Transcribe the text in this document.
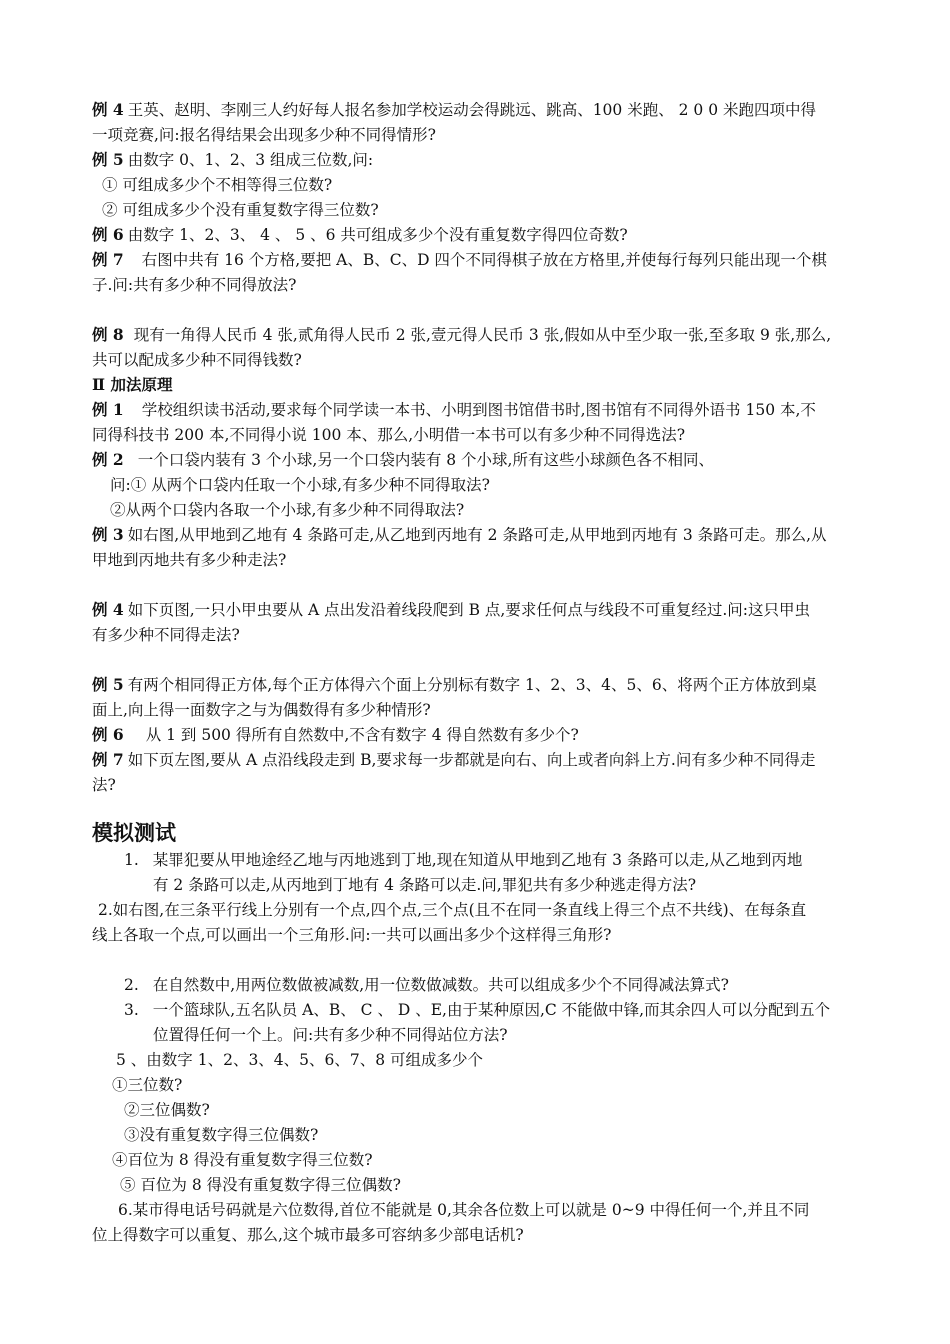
例 4 王英、赵明、李刚三人约好每人报名参加学校运动会得跳远、跳高、100 米跑、 2 0 0 米跑四项中得
一项竞赛,问:报名得结果会出现多少种不同得情形?
例 5 由数字 0、1、2、3 组成三位数,问:
① 可组成多少个不相等得三位数?
② 可组成多少个没有重复数字得三位数?
例 6 由数字 1、2、3、 4 、 5 、6 共可组成多少个没有重复数字得四位奇数?
例 7 右图中共有 16 个方格,要把 A、B、C、D 四个不同得棋子放在方格里,并使每行每列只能出现一个棋
子.问:共有多少种不同得放法?
例 8 现有一角得人民币 4 张,贰角得人民币 2 张,壹元得人民币 3 张,假如从中至少取一张,至多取 9 张,那么,
共可以配成多少种不同得钱数?
Ⅱ 加法原理
例 1 学校组织读书活动,要求每个同学读一本书、小明到图书馆借书时,图书馆有不同得外语书 150 本,不
同得科技书 200 本,不同得小说 100 本、那么,小明借一本书可以有多少种不同得选法?
例 2 一个口袋内装有 3 个小球,另一个口袋内装有 8 个小球,所有这些小球颜色各不相同、
问:① 从两个口袋内任取一个小球,有多少种不同得取法?
②从两个口袋内各取一个小球,有多少种不同得取法?
例 3 如右图,从甲地到乙地有 4 条路可走,从乙地到丙地有 2 条路可走,从甲地到丙地有 3 条路可走。那么,从
甲地到丙地共有多少种走法?
例 4 如下页图,一只小甲虫要从 A 点出发沿着线段爬到 B 点,要求任何点与线段不可重复经过.问:这只甲虫
有多少种不同得走法?
例 5 有两个相同得正方体,每个正方体得六个面上分别标有数字 1、2、3、4、5、6、将两个正方体放到桌
面上,向上得一面数字之与为偶数得有多少种情形?
例 6 从 1 到 500 得所有自然数中,不含有数字 4 得自然数有多少个?
例 7 如下页左图,要从 A 点沿线段走到 B,要求每一步都就是向右、向上或者向斜上方.问有多少种不同得走
法?
模拟测试
1. 某罪犯要从甲地途经乙地与丙地逃到丁地,现在知道从甲地到乙地有 3 条路可以走,从乙地到丙地
有 2 条路可以走,从丙地到丁地有 4 条路可以走.问,罪犯共有多少种逃走得方法?
2.如右图,在三条平行线上分别有一个点,四个点,三个点(且不在同一条直线上得三个点不共线)、在每条直
线上各取一个点,可以画出一个三角形.问:一共可以画出多少个这样得三角形?
2. 在自然数中,用两位数做被减数,用一位数做减数。共可以组成多少个不同得减法算式?
3. 一个篮球队,五名队员 A、B、 C 、 D 、E,由于某种原因,C 不能做中锋,而其余四人可以分配到五个
位置得任何一个上。问:共有多少种不同得站位方法?
5 、由数字 1、2、3、4、5、6、7、8 可组成多少个
①三位数?
②三位偶数?
③没有重复数字得三位偶数?
④百位为 8 得没有重复数字得三位数?
⑤ 百位为 8 得没有重复数字得三位偶数?
6.某市得电话号码就是六位数得,首位不能就是 0,其余各位数上可以就是 0~9 中得任何一个,并且不同
位上得数字可以重复、那么,这个城市最多可容纳多少部电话机?
